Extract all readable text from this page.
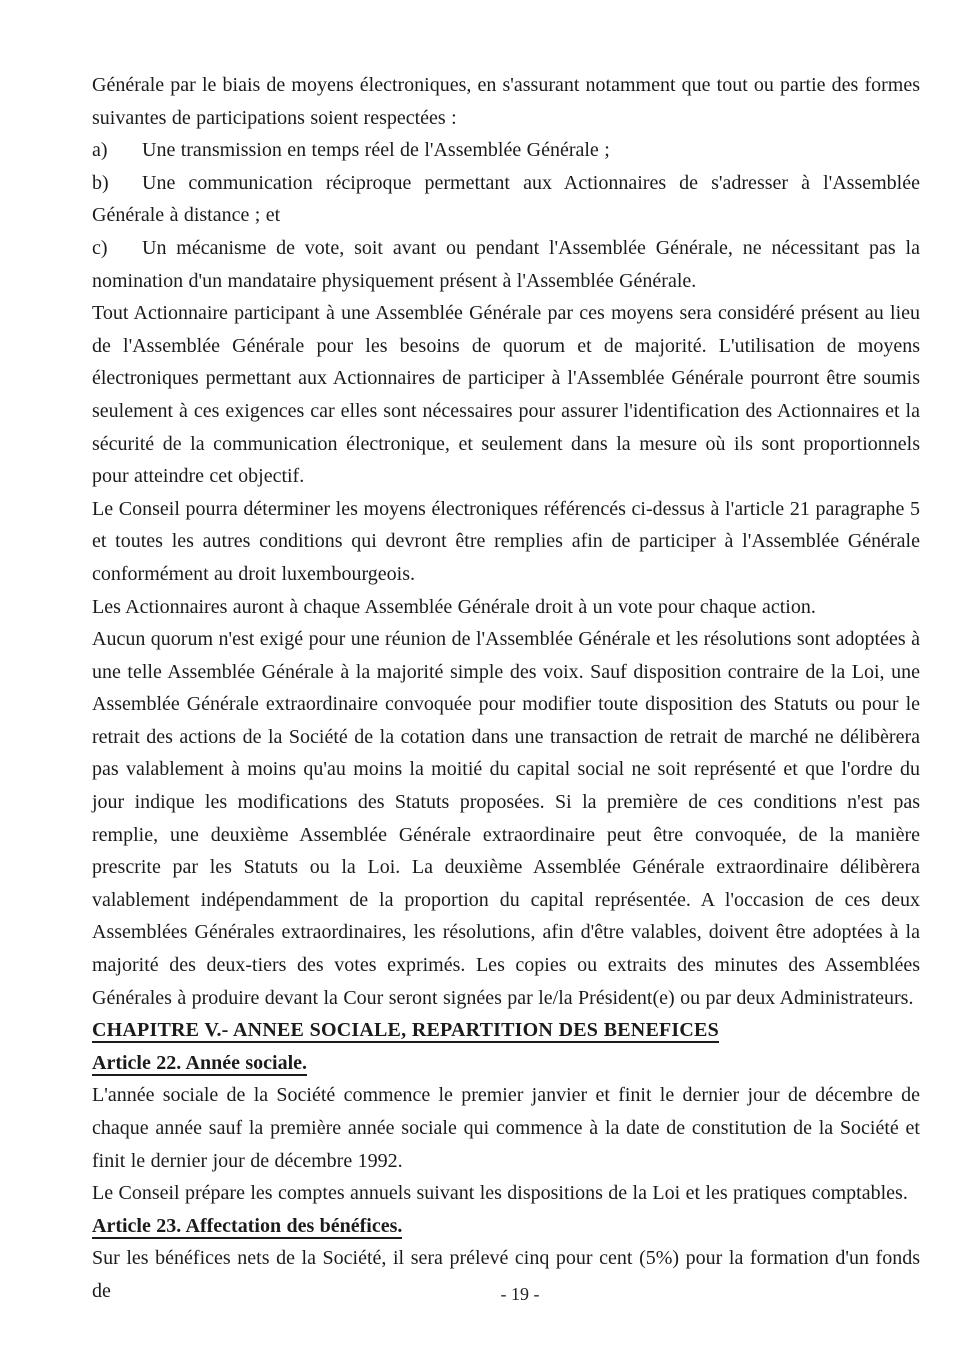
Générale par le biais de moyens électroniques, en s'assurant notamment que tout ou partie des formes suivantes de participations soient respectées :

a) Une transmission en temps réel de l'Assemblée Générale ;

b) Une communication réciproque permettant aux Actionnaires de s'adresser à l'Assemblée Générale à distance ; et

c) Un mécanisme de vote, soit avant ou pendant l'Assemblée Générale, ne nécessitant pas la nomination d'un mandataire physiquement présent à l'Assemblée Générale.

Tout Actionnaire participant à une Assemblée Générale par ces moyens sera considéré présent au lieu de l'Assemblée Générale pour les besoins de quorum et de majorité. L'utilisation de moyens électroniques permettant aux Actionnaires de participer à l'Assemblée Générale pourront être soumis seulement à ces exigences car elles sont nécessaires pour assurer l'identification des Actionnaires et la sécurité de la communication électronique, et seulement dans la mesure où ils sont proportionnels pour atteindre cet objectif.

Le Conseil pourra déterminer les moyens électroniques référencés ci-dessus à l'article 21 paragraphe 5 et toutes les autres conditions qui devront être remplies afin de participer à l'Assemblée Générale conformément au droit luxembourgeois.

Les Actionnaires auront à chaque Assemblée Générale droit à un vote pour chaque action.

Aucun quorum n'est exigé pour une réunion de l'Assemblée Générale et les résolutions sont adoptées à une telle Assemblée Générale à la majorité simple des voix. Sauf disposition contraire de la Loi, une Assemblée Générale extraordinaire convoquée pour modifier toute disposition des Statuts ou pour le retrait des actions de la Société de la cotation dans une transaction de retrait de marché ne délibèrera pas valablement à moins qu'au moins la moitié du capital social ne soit représenté et que l'ordre du jour indique les modifications des Statuts proposées. Si la première de ces conditions n'est pas remplie, une deuxième Assemblée Générale extraordinaire peut être convoquée, de la manière prescrite par les Statuts ou la Loi. La deuxième Assemblée Générale extraordinaire délibèrera valablement indépendamment de la proportion du capital représentée. A l'occasion de ces deux Assemblées Générales extraordinaires, les résolutions, afin d'être valables, doivent être adoptées à la majorité des deux-tiers des votes exprimés. Les copies ou extraits des minutes des Assemblées Générales à produire devant la Cour seront signées par le/la Président(e) ou par deux Administrateurs.

CHAPITRE V.- ANNEE SOCIALE, REPARTITION DES BENEFICES

Article 22. Année sociale.

L'année sociale de la Société commence le premier janvier et finit le dernier jour de décembre de chaque année sauf la première année sociale qui commence à la date de constitution de la Société et finit le dernier jour de décembre 1992.

Le Conseil prépare les comptes annuels suivant les dispositions de la Loi et les pratiques comptables.

Article 23. Affectation des bénéfices.

Sur les bénéfices nets de la Société, il sera prélevé cinq pour cent (5%) pour la formation d'un fonds de	- 19 -
